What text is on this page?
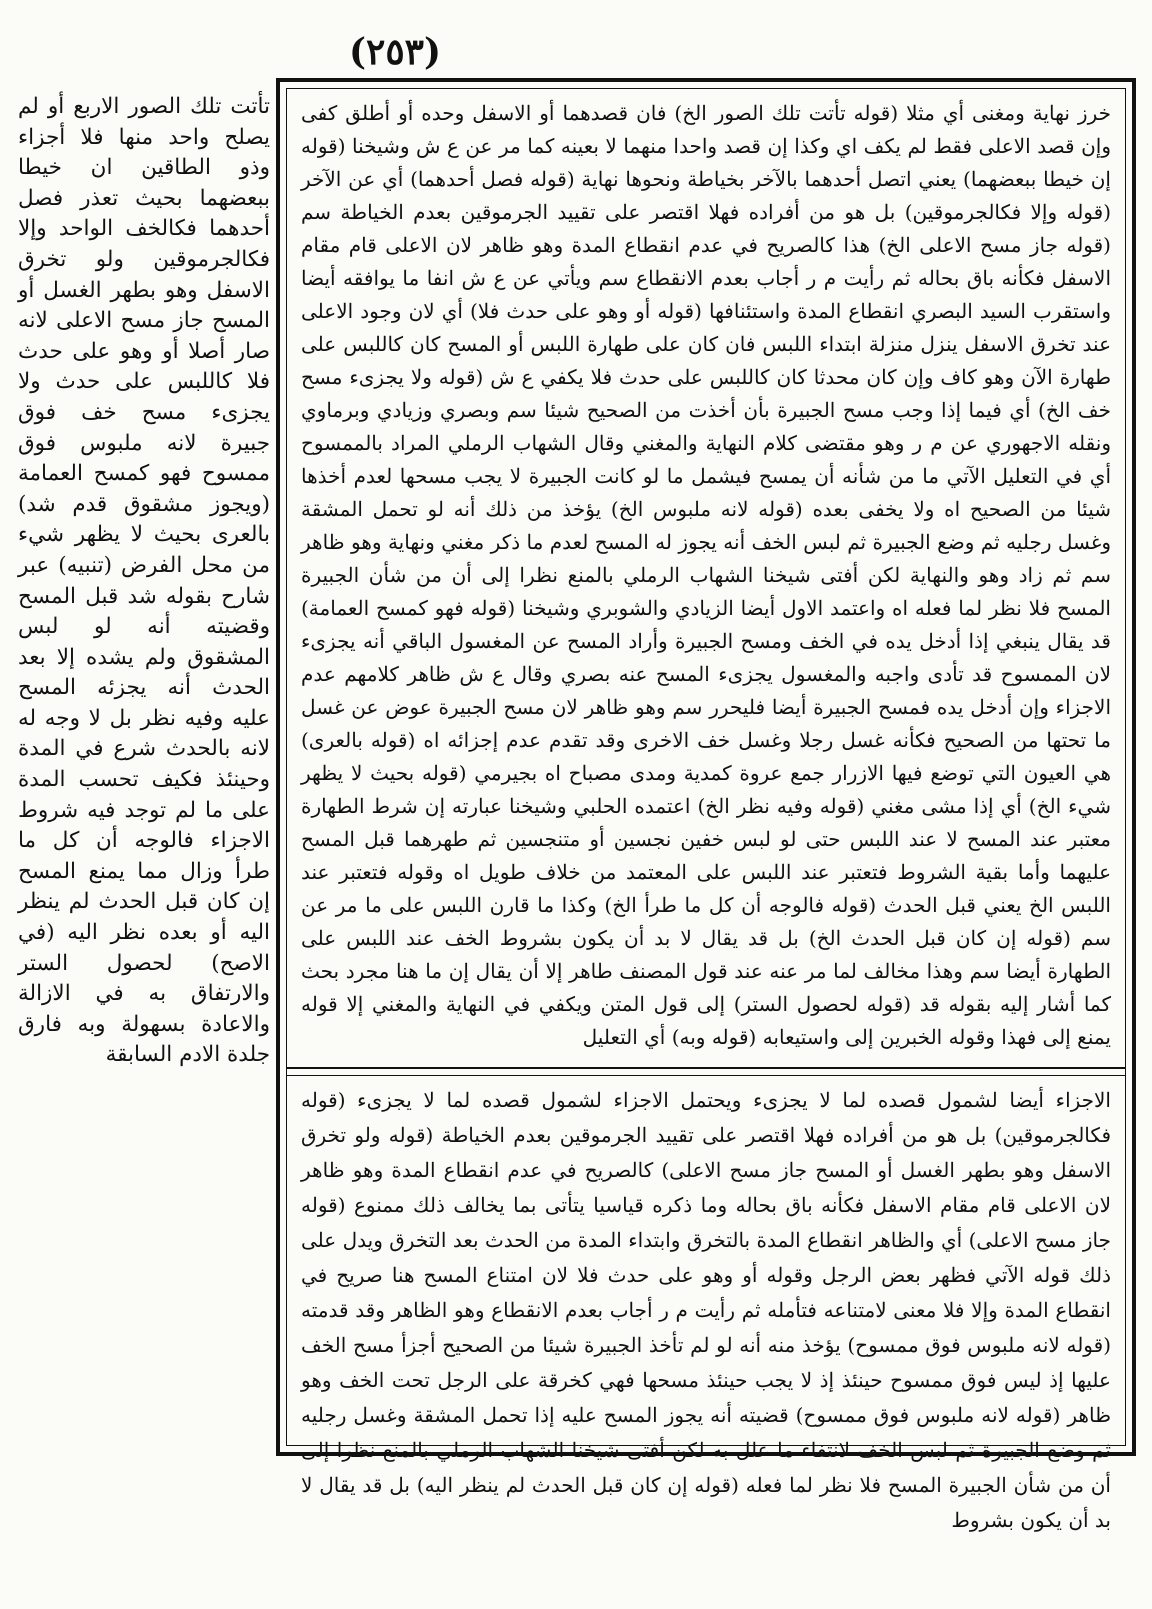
(٢٥٣)

تأتت تلك الصور الاربع أو لم يصلح واحد منها فلا أجزاء وذو الطاقين ان خيطا ببعضهما بحيث تعذر فصل أحدهما فكالخف الواحد وإلا فكالجرموقين ولو تخرق الاسفل وهو بطهر الغسل أو المسح جاز مسح الاعلى لانه صار أصلا أو وهو على حدث فلا كاللبس على حدث ولا يجزىء مسح خف فوق جبيرة لانه ملبوس فوق ممسوح فهو كمسح العمامة (ويجوز مشقوق قدم شد) بالعرى بحيث لا يظهر شيء من محل الفرض (تنبيه) عبر شارح بقوله شد قبل المسح وقضيته أنه لو لبس المشقوق ولم يشده إلا بعد الحدث أنه يجزئه المسح عليه وفيه نظر بل لا وجه له لانه بالحدث شرع في المدة وحينئذ فكيف تحسب المدة على ما لم توجد فيه شروط الاجزاء فالوجه أن كل ما طرأ وزال مما يمنع المسح إن كان قبل الحدث لم ينظر اليه أو بعده نظر اليه (في الاصح) لحصول الستر والارتفاق به في الازالة والاعادة بسهولة وبه فارق جلدة الادم السابقة

خرز نهاية ومغنى أي مثلا (قوله تأتت تلك الصور الخ) فان قصدهما أو الاسفل وحده أو أطلق كفى وإن قصد الاعلى فقط لم يكف اي وكذا إن قصد واحدا منهما لا بعينه كما مر عن ع ش وشيخنا (قوله إن خيطا ببعضهما) يعني اتصل أحدهما بالآخر بخياطة ونحوها نهاية (قوله فصل أحدهما) أي عن الآخر (قوله وإلا فكالجرموقين) بل هو من أفراده فهلا اقتصر على تقييد الجرموقين بعدم الخياطة سم (قوله جاز مسح الاعلى الخ) هذا كالصريح في عدم انقطاع المدة وهو ظاهر لان الاعلى قام مقام الاسفل فكأنه باق بحاله ثم رأيت م ر أجاب بعدم الانقطاع سم ويأتي عن ع ش انفا ما يوافقه أيضا واستقرب السيد البصري انقطاع المدة واستئنافها (قوله أو وهو على حدث فلا) أي لان وجود الاعلى عند تخرق الاسفل ينزل منزلة ابتداء اللبس فان كان على طهارة اللبس أو المسح كان كاللبس على طهارة الآن وهو كاف وإن كان محدثا كان كاللبس على حدث فلا يكفي ع ش (قوله ولا يجزىء مسح خف الخ) أي فيما إذا وجب مسح الجبيرة بأن أخذت من الصحيح شيئا سم وبصري وزيادي وبرماوي ونقله الاجهوري عن م ر وهو مقتضى كلام النهاية والمغني وقال الشهاب الرملي المراد بالممسوح أي في التعليل الآتي ما من شأنه أن يمسح فيشمل ما لو كانت الجبيرة لا يجب مسحها لعدم أخذها شيئا من الصحيح اه ولا يخفى بعده (قوله لانه ملبوس الخ) يؤخذ من ذلك أنه لو تحمل المشقة وغسل رجليه ثم وضع الجبيرة ثم لبس الخف أنه يجوز له المسح لعدم ما ذكر مغني ونهاية وهو ظاهر سم ثم زاد وهو والنهاية لكن أفتى شيخنا الشهاب الرملي بالمنع نظرا إلى أن من شأن الجبيرة المسح فلا نظر لما فعله اه واعتمد الاول أيضا الزيادي والشوبري وشيخنا (قوله فهو كمسح العمامة) قد يقال ينبغي إذا أدخل يده في الخف ومسح الجبيرة وأراد المسح عن المغسول الباقي أنه يجزىء لان الممسوح قد تأدى واجبه والمغسول يجزىء المسح عنه بصري وقال ع ش ظاهر كلامهم عدم الاجزاء وإن أدخل يده فمسح الجبيرة أيضا فليحرر سم وهو ظاهر لان مسح الجبيرة عوض عن غسل ما تحتها من الصحيح فكأنه غسل رجلا وغسل خف الاخرى وقد تقدم عدم إجزائه اه (قوله بالعرى) هي العيون التي توضع فيها الازرار جمع عروة كمدية ومدى مصباح اه بجيرمي (قوله بحيث لا يظهر شيء الخ) أي إذا مشى مغني (قوله وفيه نظر الخ) اعتمده الحلبي وشيخنا عبارته إن شرط الطهارة معتبر عند المسح لا عند اللبس حتى لو لبس خفين نجسين أو متنجسين ثم طهرهما قبل المسح عليهما وأما بقية الشروط فتعتبر عند اللبس على المعتمد من خلاف طويل اه وقوله فتعتبر عند اللبس الخ يعني قبل الحدث (قوله فالوجه أن كل ما طرأ الخ) وكذا ما قارن اللبس على ما مر عن سم (قوله إن كان قبل الحدث الخ) بل قد يقال لا بد أن يكون بشروط الخف عند اللبس على الطهارة أيضا سم وهذا مخالف لما مر عنه عند قول المصنف طاهر إلا أن يقال إن ما هنا مجرد بحث كما أشار إليه بقوله قد (قوله لحصول الستر) إلى قول المتن ويكفي في النهاية والمغني إلا قوله يمنع إلى فهذا وقوله الخبرين إلى واستيعابه (قوله وبه) أي التعليل

الاجزاء أيضا لشمول قصده لما لا يجزىء ويحتمل الاجزاء لشمول قصده لما لا يجزىء (قوله فكالجرموقين) بل هو من أفراده فهلا اقتصر على تقييد الجرموقين بعدم الخياطة (قوله ولو تخرق الاسفل وهو بطهر الغسل أو المسح جاز مسح الاعلى) كالصريح في عدم انقطاع المدة وهو ظاهر لان الاعلى قام مقام الاسفل فكأنه باق بحاله وما ذكره قياسيا يتأتى بما يخالف ذلك ممنوع (قوله جاز مسح الاعلى) أي والظاهر انقطاع المدة بالتخرق وابتداء المدة من الحدث بعد التخرق ويدل على ذلك قوله الآتي فظهر بعض الرجل وقوله أو وهو على حدث فلا لان امتناع المسح هنا صريح في انقطاع المدة وإلا فلا معنى لامتناعه فتأمله ثم رأيت م ر أجاب بعدم الانقطاع وهو الظاهر وقد قدمته (قوله لانه ملبوس فوق ممسوح) يؤخذ منه أنه لو لم تأخذ الجبيرة شيئا من الصحيح أجزأ مسح الخف عليها إذ ليس فوق ممسوح حينئذ إذ لا يجب حينئذ مسحها فهي كخرقة على الرجل تحت الخف وهو ظاهر (قوله لانه ملبوس فوق ممسوح) قضيته أنه يجوز المسح عليه إذا تحمل المشقة وغسل رجليه ثم وضع الجبيرة ثم لبس الخف لانتفاء ما علل به لكن أفتى شيخنا الشهاب الرملي بالمنع نظرا إلى أن من شأن الجبيرة المسح فلا نظر لما فعله (قوله إن كان قبل الحدث لم ينظر اليه) بل قد يقال لا بد أن يكون بشروط
